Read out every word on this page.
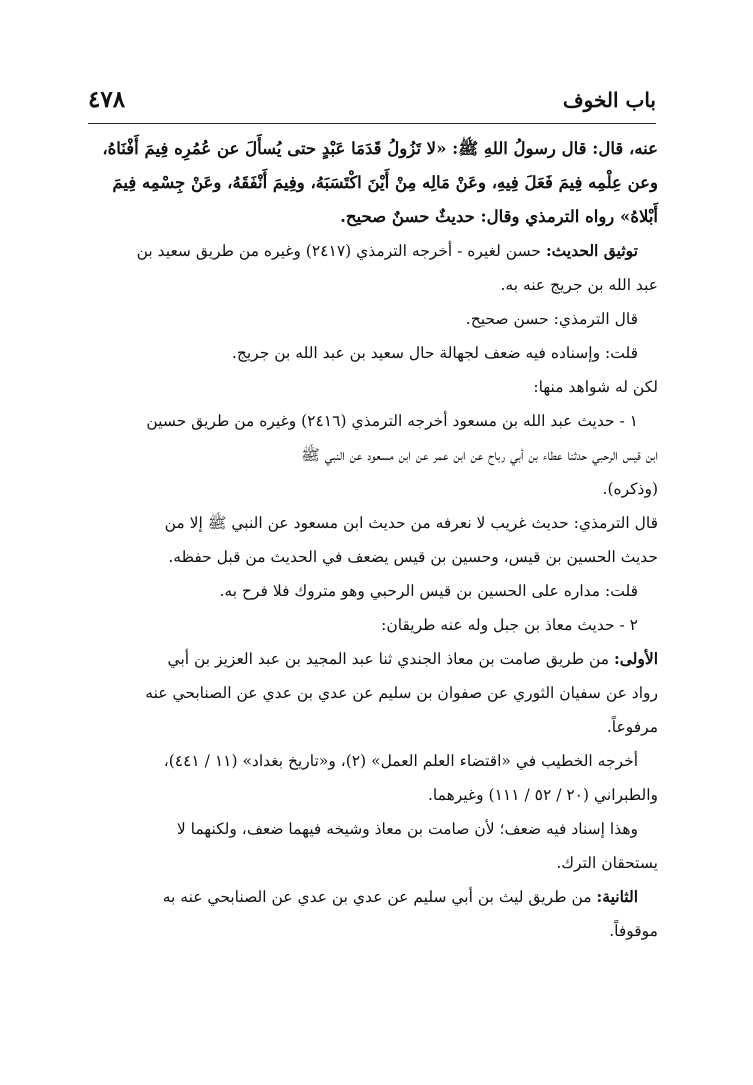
باب الخوف
٤٧٨

عنه، قال: قال رسولُ اللهِ ﷺ: «لا تَزُولُ قَدَمَا عَبْدٍ حتى يُسأَلَ عن عُمُرِه فِيمَ أَفْنَاهُ،
وعن عِلْمِه فِيمَ فَعَلَ فِيهِ، وعَنْ مَالِه مِنْ أَيْنَ اكْتَسَبَهُ، وفِيمَ أَنْفَقَهُ، وعَنْ جِسْمِه فِيمَ
أَبْلاهُ» رواه الترمذي وقال: حديثٌ حسنٌ صحيح.

توثيق الحديث: حسن لغيره - أخرجه الترمذي (٢٤١٧) وغيره من طريق سعيد بن

عبد الله بن جريج عنه به.

قال الترمذي: حسن صحيح.

قلت: وإسناده فيه ضعف لجهالة حال سعيد بن عبد الله بن جريج.

لكن له شواهد منها:

١ - حديث عبد الله بن مسعود أخرجه الترمذي (٢٤١٦) وغيره من طريق حسين

ابن قيس الرحبي حدثنا عطاء بن أبي رباح عن ابن عمر عن ابن مسعود عن النبي ﷺ
(وذكره).

قال الترمذي: حديث غريب لا نعرفه من حديث ابن مسعود عن النبي ﷺ إلا من
حديث الحسين بن قيس، وحسين بن قيس يضعف في الحديث من قبل حفظه.

قلت: مداره على الحسين بن قيس الرحبي وهو متروك فلا فرح به.

٢ - حديث معاذ بن جبل وله عنه طريقان:

الأولى: من طريق صامت بن معاذ الجندي ثنا عبد المجيد بن عبد العزيز بن أبي
رواد عن سفيان الثوري عن صفوان بن سليم عن عدي بن عدي عن الصنابحي عنه
مرفوعاً.

أخرجه الخطيب في «اقتضاء العلم العمل» (٢)، و«تاريخ بغداد» (١١ / ٤٤١)،

والطبراني (٢٠ / ٥٢ / ١١١) وغيرهما.

وهذا إسناد فيه ضعف؛ لأن صامت بن معاذ وشيخه فيهما ضعف، ولكنهما لا

يستحقان الترك.

الثانية: من طريق ليث بن أبي سليم عن عدي بن عدي عن الصنابحي عنه به

موقوفاً.
